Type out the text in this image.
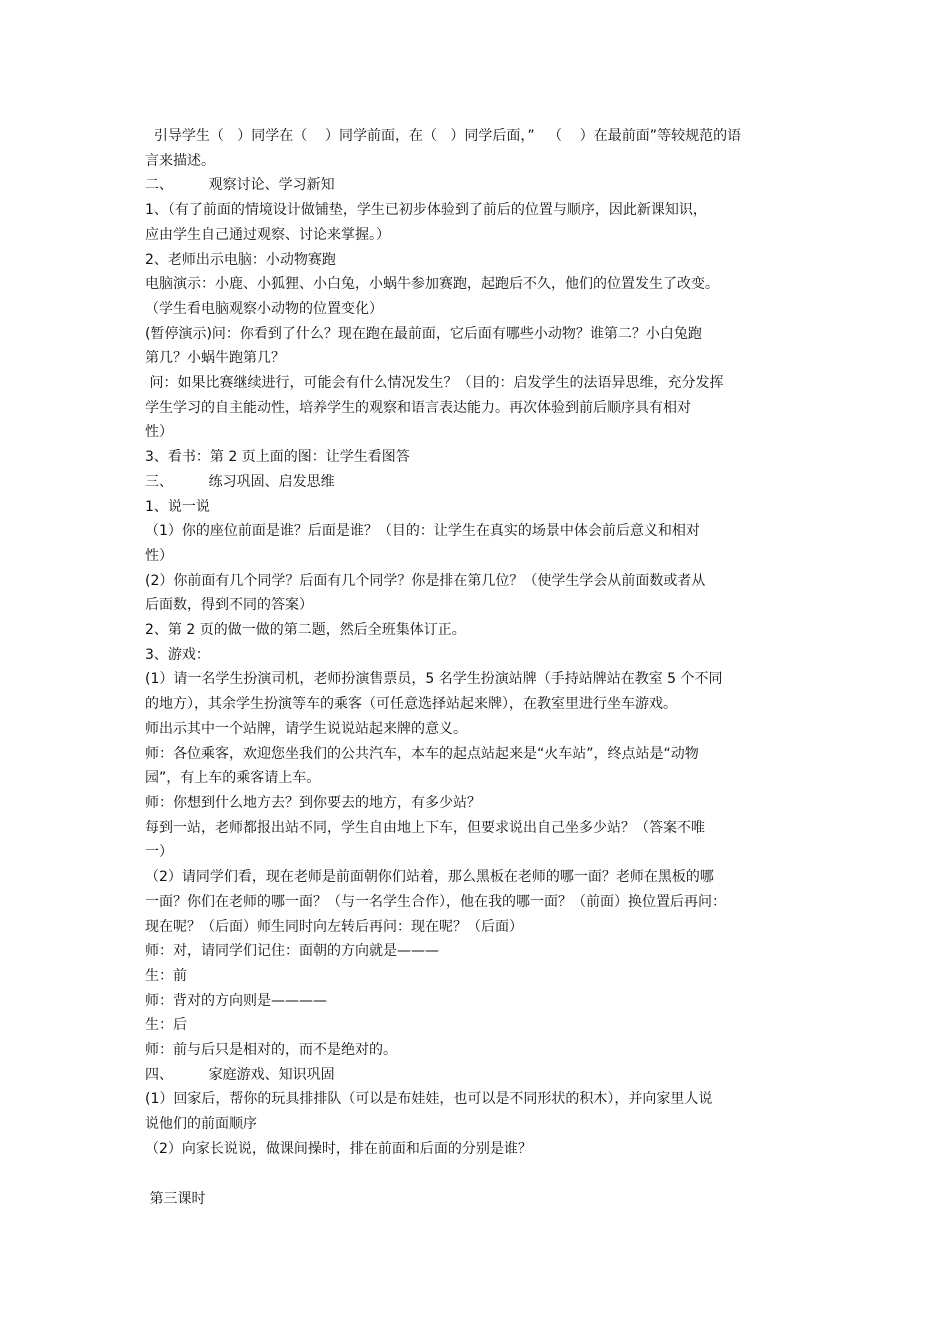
引导学生（   ）同学在（    ）同学前面，在（   ）同学后面，”   （    ）在最前面”等较规范的语

言来描述。

二、        观察讨论、学习新知

1、（有了前面的情境设计做铺垫，学生已初步体验到了前后的位置与顺序，因此新课知识，

应由学生自己通过观察、讨论来掌握。）

2、老师出示电脑：小动物赛跑

电脑演示：小鹿、小狐狸、小白兔，小蜗牛参加赛跑，起跑后不久，他们的位置发生了改变。

（学生看电脑观察小动物的位置变化）

(暂停演示)问：你看到了什么？现在跑在最前面，它后面有哪些小动物？谁第二？小白兔跑

第几？小蜗牛跑第几？

问：如果比赛继续进行，可能会有什么情况发生？（目的：启发学生的法语异思维，充分发挥

学生学习的自主能动性，培养学生的观察和语言表达能力。再次体验到前后顺序具有相对

性）

3、看书：第 2 页上面的图：让学生看图答

三、        练习巩固、启发思维

1、说一说

（1）你的座位前面是谁？后面是谁？（目的：让学生在真实的场景中体会前后意义和相对

性）

(2）你前面有几个同学？后面有几个同学？你是排在第几位？（使学生学会从前面数或者从

后面数，得到不同的答案）

2、第 2 页的做一做的第二题，然后全班集体订正。

3、游戏：

(1）请一名学生扮演司机，老师扮演售票员，5 名学生扮演站牌（手持站牌站在教室 5 个不同

的地方），其余学生扮演等车的乘客（可任意选择站起来牌），在教室里进行坐车游戏。

师出示其中一个站牌，请学生说说站起来牌的意义。

师：各位乘客，欢迎您坐我们的公共汽车，本车的起点站起来是“火车站”，终点站是“动物

园”，有上车的乘客请上车。

师：你想到什么地方去？到你要去的地方，有多少站？

每到一站，老师都报出站不同，学生自由地上下车，但要求说出自己坐多少站？（答案不唯

一）

（2）请同学们看，现在老师是前面朝你们站着，那么黑板在老师的哪一面？老师在黑板的哪

一面？你们在老师的哪一面？（与一名学生合作），他在我的哪一面？（前面）换位置后再问：

现在呢？（后面）师生同时向左转后再问：现在呢？（后面）

师：对，请同学们记住：面朝的方向就是———

生：前

师：背对的方向则是————

生：后

师：前与后只是相对的，而不是绝对的。

四、        家庭游戏、知识巩固

(1）回家后，帮你的玩具排排队（可以是布娃娃，也可以是不同形状的积木），并向家里人说

说他们的前面顺序

（2）向家长说说，做课间操时，排在前面和后面的分别是谁？

第三课时
